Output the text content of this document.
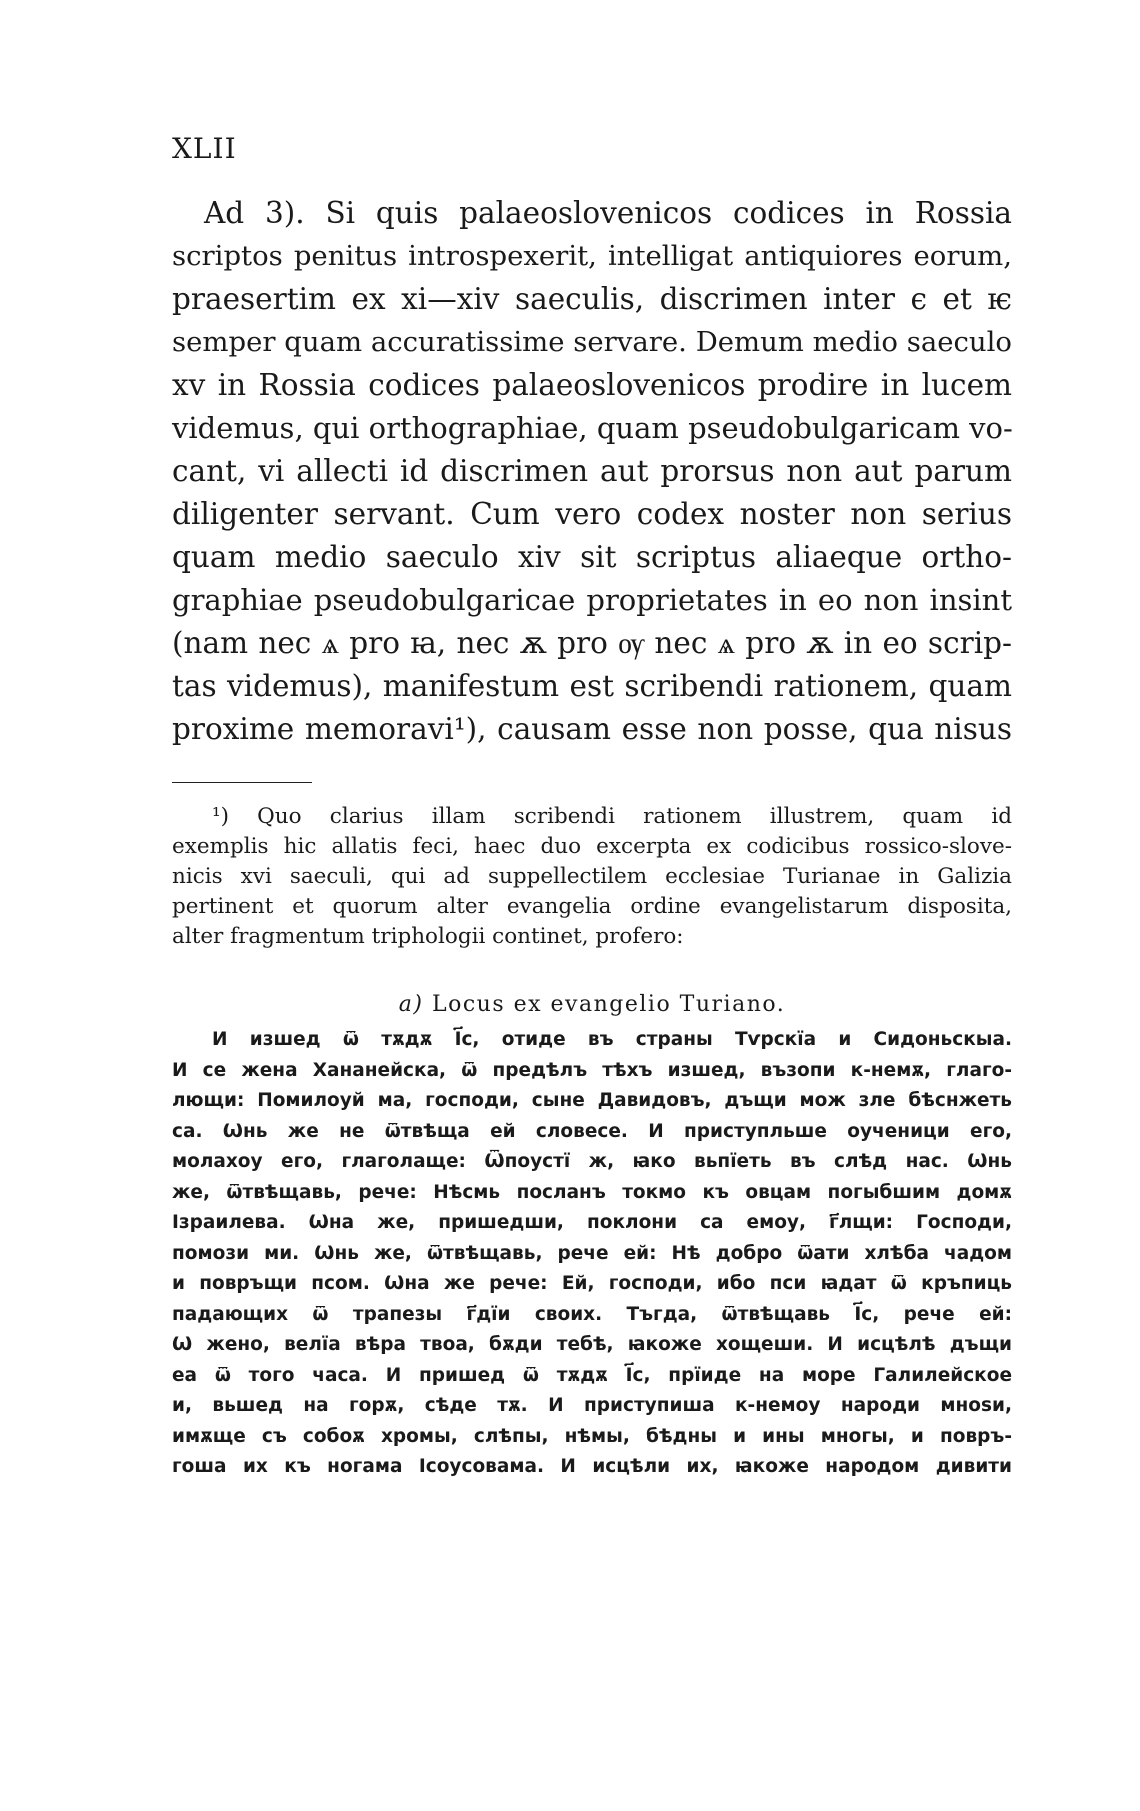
XLII
Ad 3). Si quis palaeoslovenicos codices in Rossia
scriptos penitus introspexerit, intelligat antiquiores eorum,
praesertim ex xi—xiv saeculis, discrimen inter є et ѥ
semper quam accuratissime servare. Demum medio saeculo
xv in Rossia codices palaeoslovenicos prodire in lucem
videmus, qui orthographiae, quam pseudobulgaricam vo-
cant, vi allecti id discrimen aut prorsus non aut parum
diligenter servant. Cum vero codex noster non serius
quam medio saeculo xiv sit scriptus aliaeque ortho-
graphiae pseudobulgaricae proprietates in eo non insint
(nam nec ѧ pro ꙗ, nec ѫ pro ѹ nec ѧ pro ѫ in eo scrip-
tas videmus), manifestum est scribendi rationem, quam
proxime memoravi¹), causam esse non posse, qua nisus
¹) Quo clarius illam scribendi rationem illustrem, quam id
exemplis hic allatis feci, haec duo excerpta ex codicibus rossico-slove-
nicis xvi saeculi, qui ad suppellectilem ecclesiae Turianae in Galizia
pertinent et quorum alter evangelia ordine evangelistarum disposita,
alter fragmentum triphologii continet, profero:
a) Locus ex evangelio Turiano.
И изшед ѿ тѫдѫ І҃с, отиде въ страны Тѵрскїа и Сидоньскыа.
И се жена Хананейска, ѿ предѣлъ тѣхъ изшед, възопи к-немѫ, глаго-
лющи: Помилоуй ма, господи, сыне Давидовъ, дъщи мож зле бѣснжеть
са. Ѡнь же не ѿтвѣща ей словесе. И приступльше оученици его,
молахоу его, глаголаще: Ѿпоустї ж, ꙗко вьпїеть въ слѣд нас. Ѡнь
же, ѿтвѣщавь, рече: Нѣсмь посланъ токмо къ овцам погыбшим домѫ
Ізраилева. Ѡна же, пришедши, поклони са емоу, г҃лщи: Господи,
помози ми. Ѡнь же, ѿтвѣщавь, рече ей: Нѣ добро ѿати хлѣба чадом
и повръщи псом. Ѡна же рече: Ей, господи, ибо пси ꙗдат ѿ кръпиць
падающих ѿ трапезы г҃дїи своих. Тъгда, ѿтвѣщавь І҃с, рече ей:
Ѡ жено, велїа вѣра твоа, бѫди тебѣ, ꙗкоже хощеши. И исцѣлѣ дъщи
еа ѿ того часа. И пришед ѿ тѫдѫ І҃с, прїиде на море Галилейское
и, вьшед на горѫ, сѣде тѫ. И приступиша к-немоу народи мноѕи,
имѫще съ собоѫ хромы, слѣпы, нѣмы, бѣдны и ины многы, и повръ-
гоша их къ ногама Ісоусовама. И исцѣли их, ꙗкоже народом дивити
